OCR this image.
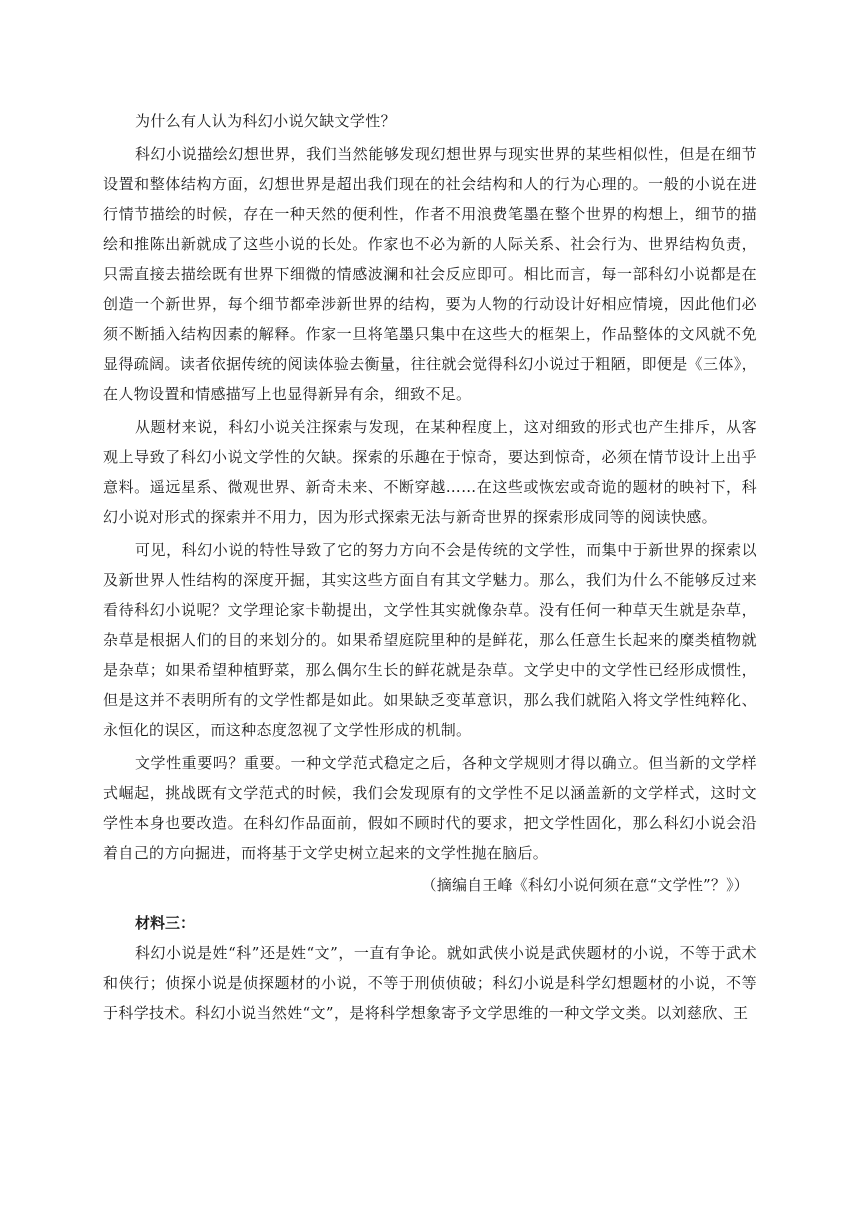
为什么有人认为科幻小说欠缺文学性？

科幻小说描绘幻想世界，我们当然能够发现幻想世界与现实世界的某些相似性，但是在细节设置和整体结构方面，幻想世界是超出我们现在的社会结构和人的行为心理的。一般的小说在进行情节描绘的时候，存在一种天然的便利性，作者不用浪费笔墨在整个世界的构想上，细节的描绘和推陈出新就成了这些小说的长处。作家也不必为新的人际关系、社会行为、世界结构负责，只需直接去描绘既有世界下细微的情感波澜和社会反应即可。相比而言，每一部科幻小说都是在创造一个新世界，每个细节都牵涉新世界的结构，要为人物的行动设计好相应情境，因此他们必须不断插入结构因素的解释。作家一旦将笔墨只集中在这些大的框架上，作品整体的文风就不免显得疏阔。读者依据传统的阅读体验去衡量，往往就会觉得科幻小说过于粗陋，即便是《三体》，在人物设置和情感描写上也显得新异有余，细致不足。

从题材来说，科幻小说关注探索与发现，在某种程度上，这对细致的形式也产生排斥，从客观上导致了科幻小说文学性的欠缺。探索的乐趣在于惊奇，要达到惊奇，必须在情节设计上出乎意料。遥远星系、微观世界、新奇未来、不断穿越……在这些或恢宏或奇诡的题材的映衬下，科幻小说对形式的探索并不用力，因为形式探索无法与新奇世界的探索形成同等的阅读快感。

可见，科幻小说的特性导致了它的努力方向不会是传统的文学性，而集中于新世界的探索以及新世界人性结构的深度开掘，其实这些方面自有其文学魅力。那么，我们为什么不能够反过来看待科幻小说呢？文学理论家卡勒提出，文学性其实就像杂草。没有任何一种草天生就是杂草，杂草是根据人们的目的来划分的。如果希望庭院里种的是鲜花，那么任意生长起来的糜类植物就是杂草；如果希望种植野菜，那么偶尔生长的鲜花就是杂草。文学史中的文学性已经形成惯性，但是这并不表明所有的文学性都是如此。如果缺乏变革意识，那么我们就陷入将文学性纯粹化、永恒化的误区，而这种态度忽视了文学性形成的机制。

文学性重要吗？重要。一种文学范式稳定之后，各种文学规则才得以确立。但当新的文学样式崛起，挑战既有文学范式的时候，我们会发现原有的文学性不足以涵盖新的文学样式，这时文学性本身也要改造。在科幻作品面前，假如不顾时代的要求，把文学性固化，那么科幻小说会沿着自己的方向掘进，而将基于文学史树立起来的文学性抛在脑后。

（摘编自王峰《科幻小说何须在意“文学性”？》）

材料三：

科幻小说是姓“科”还是姓“文”，一直有争论。就如武侠小说是武侠题材的小说，不等于武术和侠行；侦探小说是侦探题材的小说，不等于刑侦侦破；科幻小说是科学幻想题材的小说，不等于科学技术。科幻小说当然姓“文”，是将科学想象寄予文学思维的一种文学文类。以刘慈欣、王
